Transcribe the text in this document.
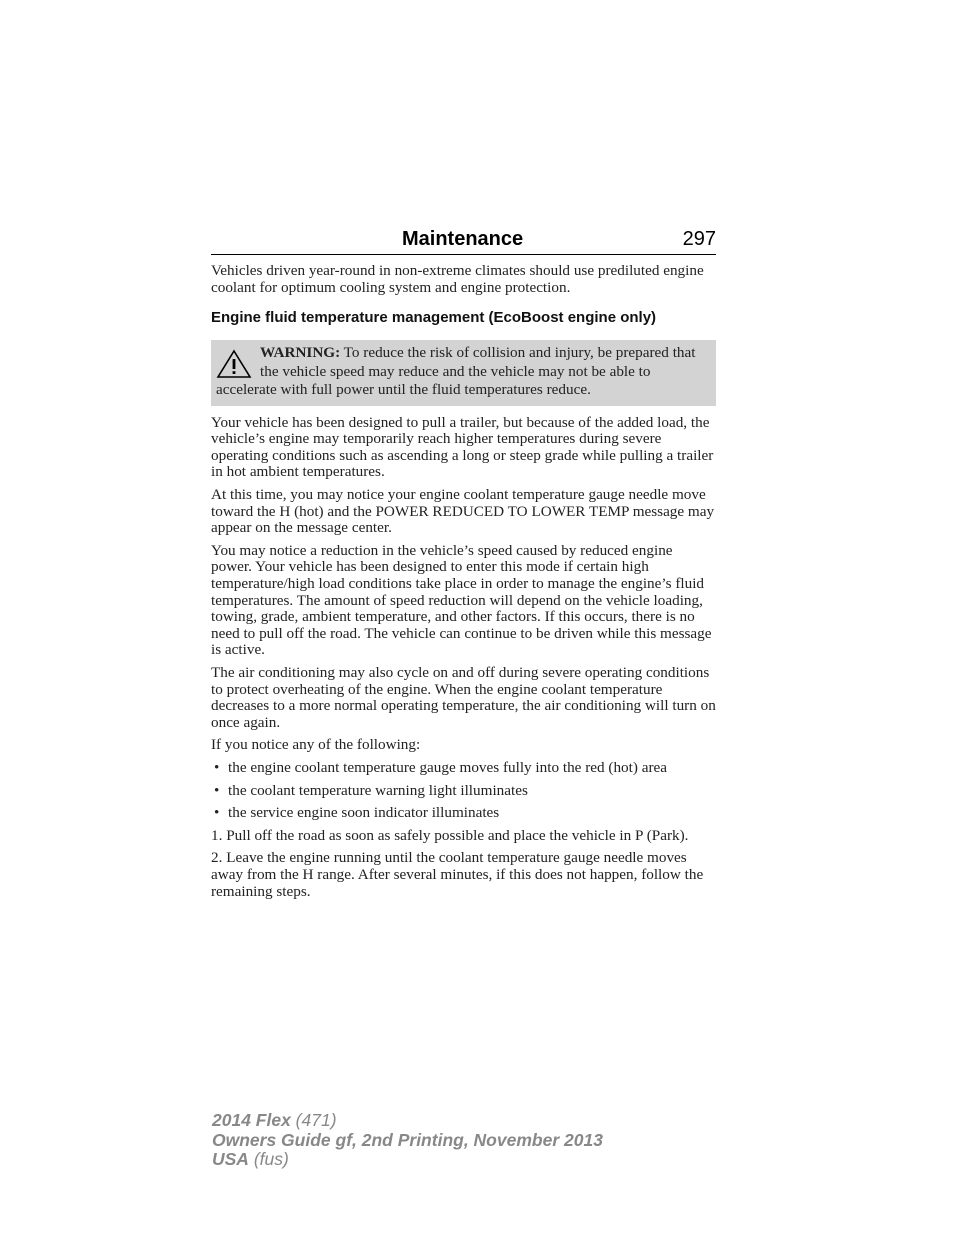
Maintenance	297

Vehicles driven year-round in non-extreme climates should use prediluted engine coolant for optimum cooling system and engine protection.

Engine fluid temperature management (EcoBoost engine only)

WARNING: To reduce the risk of collision and injury, be prepared that the vehicle speed may reduce and the vehicle may not be able to accelerate with full power until the fluid temperatures reduce.

Your vehicle has been designed to pull a trailer, but because of the added load, the vehicle’s engine may temporarily reach higher temperatures during severe operating conditions such as ascending a long or steep grade while pulling a trailer in hot ambient temperatures.

At this time, you may notice your engine coolant temperature gauge needle move toward the H (hot) and the POWER REDUCED TO LOWER TEMP message may appear on the message center.

You may notice a reduction in the vehicle’s speed caused by reduced engine power. Your vehicle has been designed to enter this mode if certain high temperature/high load conditions take place in order to manage the engine’s fluid temperatures. The amount of speed reduction will depend on the vehicle loading, towing, grade, ambient temperature, and other factors. If this occurs, there is no need to pull off the road. The vehicle can continue to be driven while this message is active.

The air conditioning may also cycle on and off during severe operating conditions to protect overheating of the engine. When the engine coolant temperature decreases to a more normal operating temperature, the air conditioning will turn on once again.

If you notice any of the following:

• the engine coolant temperature gauge moves fully into the red (hot) area
• the coolant temperature warning light illuminates
• the service engine soon indicator illuminates

1. Pull off the road as soon as safely possible and place the vehicle in P (Park).

2. Leave the engine running until the coolant temperature gauge needle moves away from the H range. After several minutes, if this does not happen, follow the remaining steps.

2014 Flex (471)
Owners Guide gf, 2nd Printing, November 2013
USA (fus)
